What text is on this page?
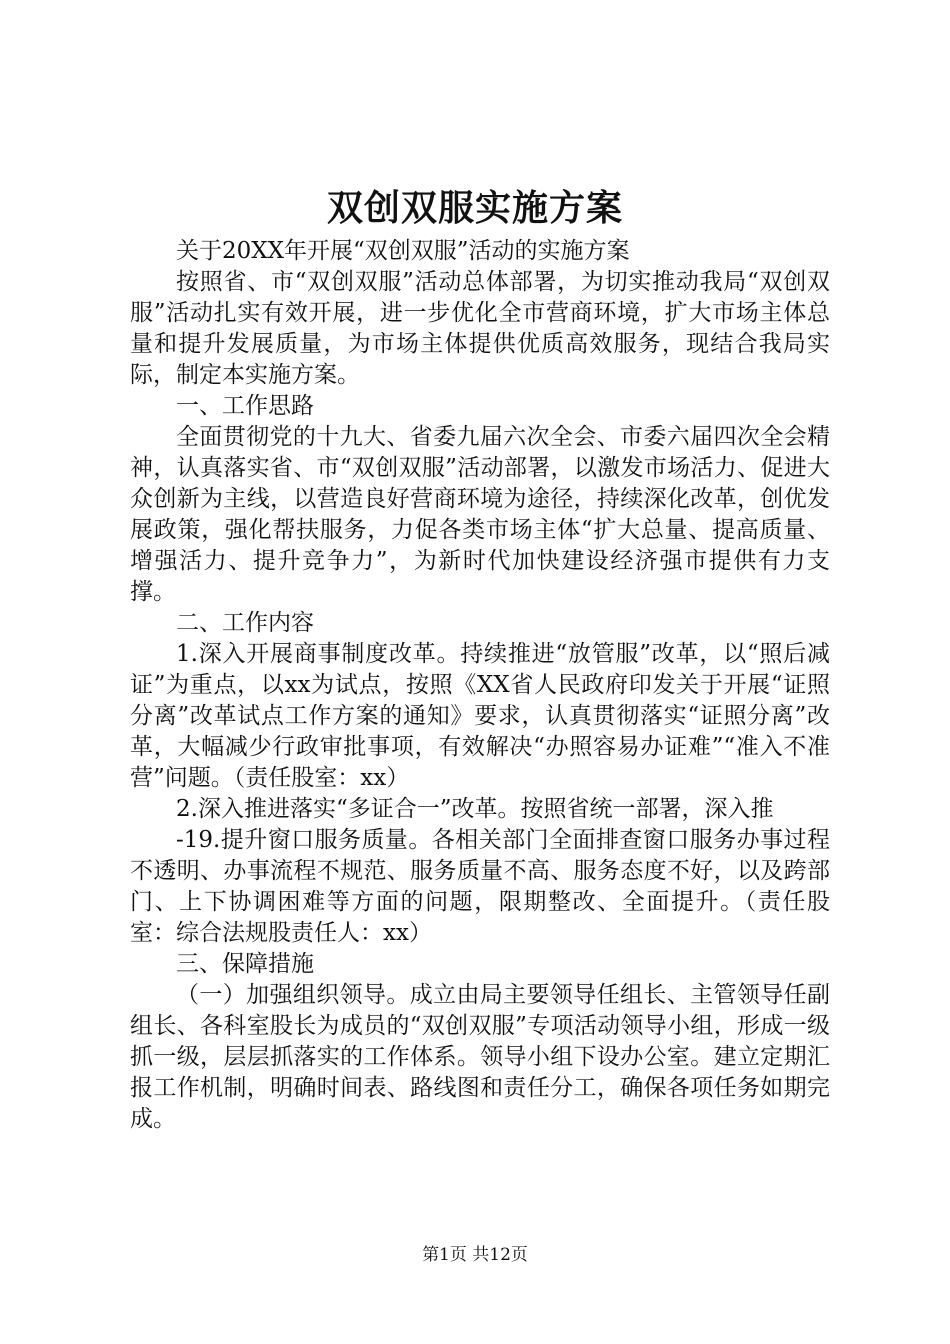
双创双服实施方案

关于20XX年开展“双创双服”活动的实施方案

按照省、市“双创双服”活动总体部署，为切实推动我局“双创双服”活动扎实有效开展，进一步优化全市营商环境，扩大市场主体总量和提升发展质量，为市场主体提供优质高效服务，现结合我局实际，制定本实施方案。

一、工作思路

全面贯彻党的十九大、省委九届六次全会、市委六届四次全会精神，认真落实省、市“双创双服”活动部署，以激发市场活力、促进大众创新为主线，以营造良好营商环境为途径，持续深化改革，创优发展政策，强化帮扶服务，力促各类市场主体“扩大总量、提高质量、增强活力、提升竞争力”，为新时代加快建设经济强市提供有力支撑。

二、工作内容

1.深入开展商事制度改革。持续推进“放管服”改革，以“照后减证”为重点，以xx为试点，按照《XX省人民政府印发关于开展“证照分离”改革试点工作方案的通知》要求，认真贯彻落实“证照分离”改革，大幅减少行政审批事项，有效解决“办照容易办证难”“准入不准营”问题。（责任股室：xx）

2.深入推进落实“多证合一”改革。按照省统一部署，深入推

-19.提升窗口服务质量。各相关部门全面排查窗口服务办事过程不透明、办事流程不规范、服务质量不高、服务态度不好，以及跨部门、上下协调困难等方面的问题，限期整改、全面提升。（责任股室：综合法规股责任人：xx）

三、保障措施

（一）加强组织领导。成立由局主要领导任组长、主管领导任副组长、各科室股长为成员的“双创双服”专项活动领导小组，形成一级抓一级，层层抓落实的工作体系。领导小组下设办公室。建立定期汇报工作机制，明确时间表、路线图和责任分工，确保各项任务如期完成。

第1页 共12页
